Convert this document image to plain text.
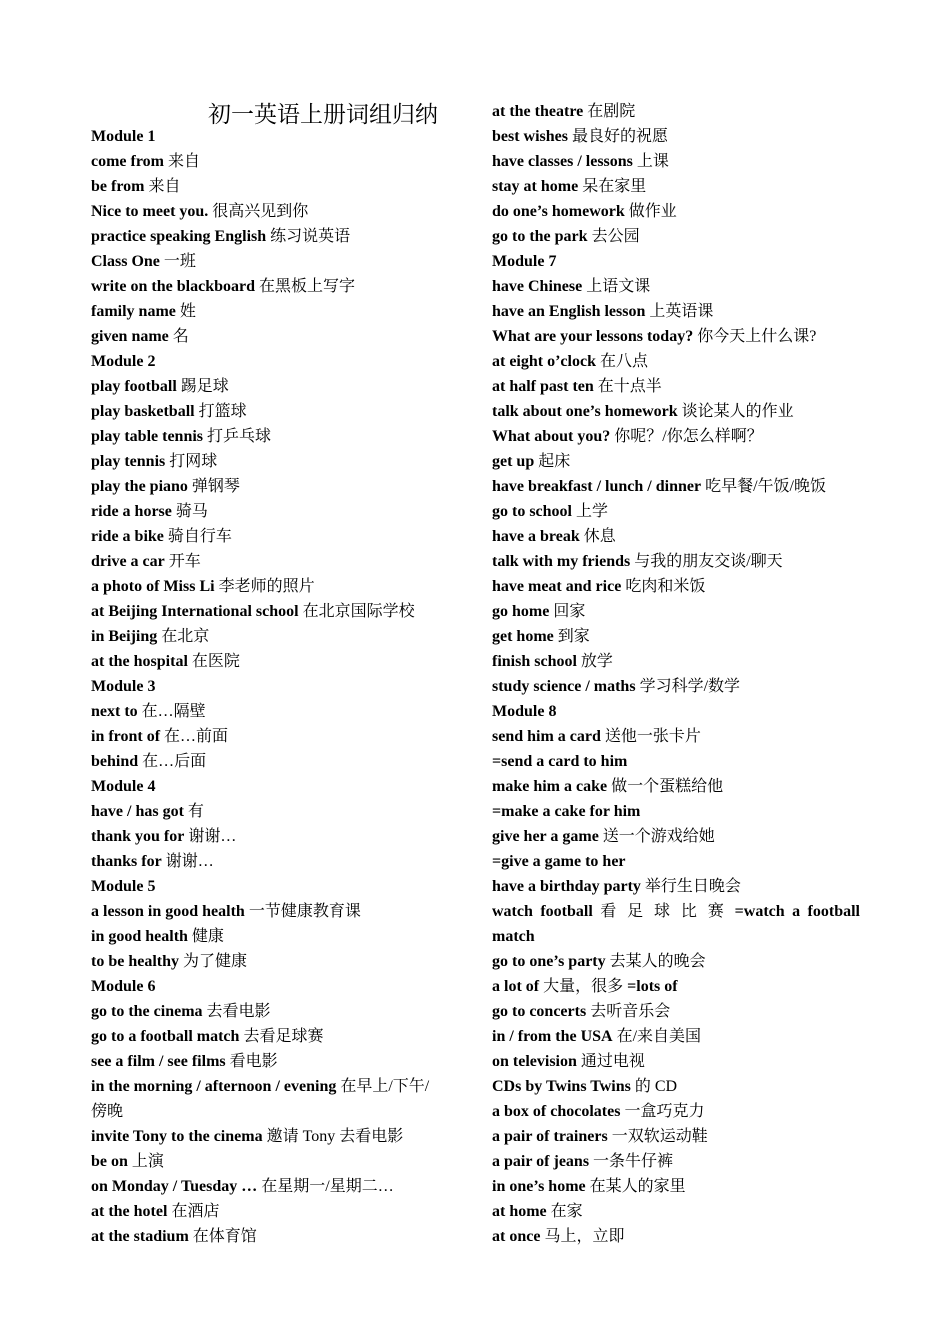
初一英语上册词组归纳
Module 1
come from 来自
be from 来自
Nice to meet you. 很高兴见到你
practice speaking English 练习说英语
Class One 一班
write on the blackboard 在黑板上写字
family name 姓
given name 名
Module 2
play football 踢足球
play basketball 打篮球
play table tennis 打乒乓球
play tennis 打网球
play the piano 弹钢琴
ride a horse 骑马
ride a bike 骑自行车
drive a car 开车
a photo of Miss Li 李老师的照片
at Beijing International school 在北京国际学校
in Beijing 在北京
at the hospital 在医院
Module 3
next to 在…隔壁
in front of 在…前面
behind 在…后面
Module 4
have / has got 有
thank you for 谢谢…
thanks for 谢谢…
Module 5
a lesson in good health 一节健康教育课
in good health 健康
to be healthy 为了健康
Module 6
go to the cinema 去看电影
go to a football match 去看足球赛
see a film / see films 看电影
in the morning / afternoon / evening 在早上/下午/
傍晚
invite Tony to the cinema 邀请 Tony 去看电影
be on 上演
on Monday / Tuesday … 在星期一/星期二…
at the hotel 在酒店
at the stadium 在体育馆
at the theatre 在剧院
best wishes 最良好的祝愿
have classes / lessons 上课
stay at home 呆在家里
do one’s homework 做作业
go to the park 去公园
Module 7
have Chinese 上语文课
have an English lesson 上英语课
What are your lessons today? 你今天上什么课?
at eight o’clock 在八点
at half past ten 在十点半
talk about one’s homework 谈论某人的作业
What about you? 你呢？/你怎么样啊？
get up 起床
have breakfast / lunch / dinner 吃早餐/午饭/晚饭
go to school 上学
have a break 休息
talk with my friends 与我的朋友交谈/聊天
have meat and rice 吃肉和米饭
go home 回家
get home 到家
finish school 放学
study science / maths 学习科学/数学
Module 8
send him a card 送他一张卡片
=send a card to him
make him a cake 做一个蛋糕给他
=make a cake for him
give her a game 送一个游戏给她
=give a game to her
have a birthday party 举行生日晚会
watch football 看 足 球 比 赛 =watch a football
match
go to one’s party 去某人的晚会
a lot of 大量，很多 =lots of
go to concerts 去听音乐会
in / from the USA 在/来自美国
on television 通过电视
CDs by Twins Twins 的 CD
a box of chocolates 一盒巧克力
a pair of trainers 一双软运动鞋
a pair of jeans 一条牛仔裤
in one’s home 在某人的家里
at home 在家
at once 马上，立即
